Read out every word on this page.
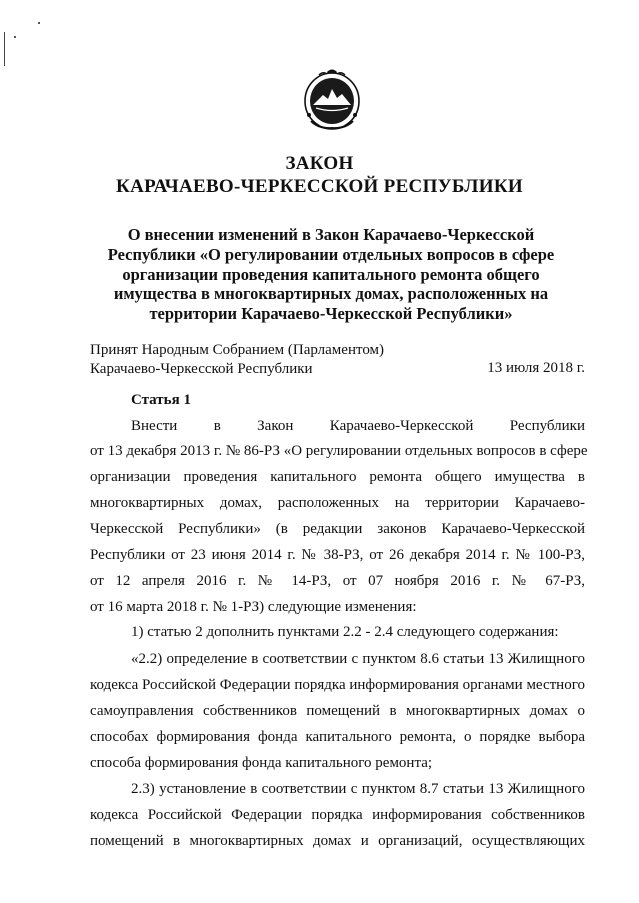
ЗАКОН
КАРАЧАЕВО-ЧЕРКЕССКОЙ РЕСПУБЛИКИ
О внесении изменений в Закон Карачаево-Черкесской Республики «О регулировании отдельных вопросов в сфере организации проведения капитального ремонта общего имущества в многоквартирных домах, расположенных на территории Карачаево-Черкесской Республики»
Принят Народным Собранием (Парламентом)
Карачаево-Черкесской Республики	13 июля 2018 г.
Статья 1
Внести в Закон Карачаево-Черкесской Республики
от 13 декабря 2013 г. № 86-РЗ «О регулировании отдельных вопросов в сфере
организации проведения капитального ремонта общего имущества в
многоквартирных домах, расположенных на территории Карачаево-
Черкесской Республики» (в редакции законов Карачаево-Черкесской
Республики от 23 июня 2014 г. № 38-РЗ, от 26 декабря 2014 г. № 100-РЗ,
от 12 апреля 2016 г. № 14-РЗ, от 07 ноября 2016 г. № 67-РЗ,
от 16 марта 2018 г. № 1-РЗ) следующие изменения:
1) статью 2 дополнить пунктами 2.2 - 2.4 следующего содержания:
«2.2) определение в соответствии с пунктом 8.6 статьи 13 Жилищного
кодекса Российской Федерации порядка информирования органами местного
самоуправления собственников помещений в многоквартирных домах о
способах формирования фонда капитального ремонта, о порядке выбора
способа формирования фонда капитального ремонта;
2.3) установление в соответствии с пунктом 8.7 статьи 13 Жилищного
кодекса Российской Федерации порядка информирования собственников
помещений в многоквартирных домах и организаций, осуществляющих
